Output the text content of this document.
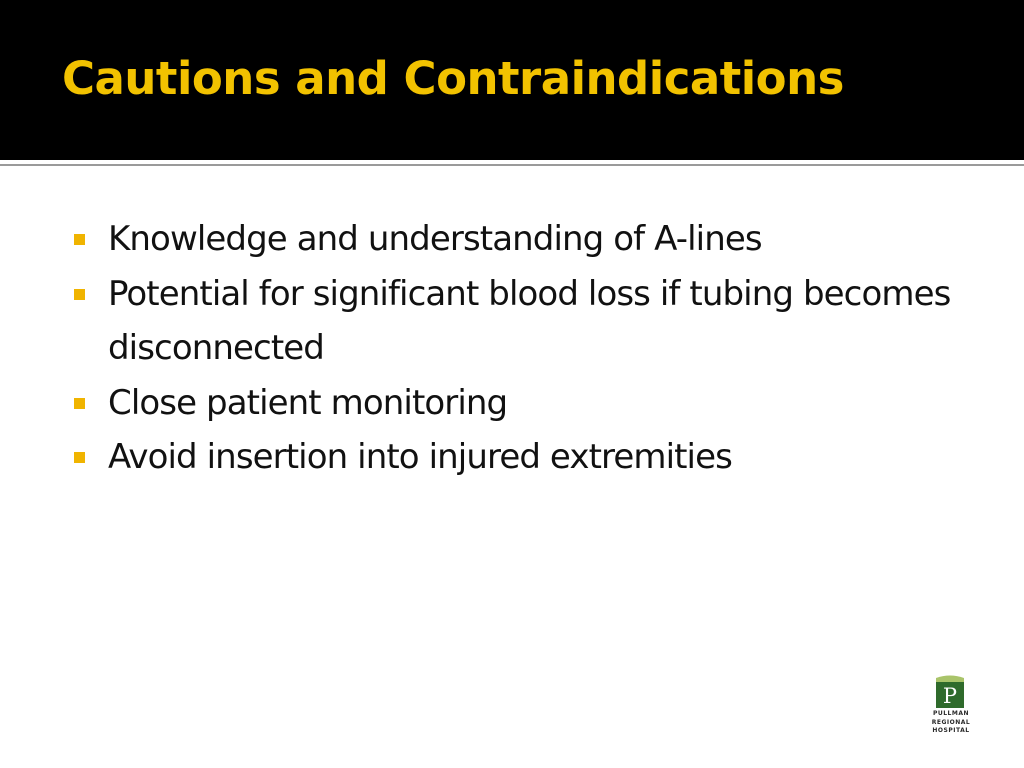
Cautions and Contraindications
Knowledge and understanding of A-lines
Potential for significant blood loss if tubing becomes disconnected
Close patient monitoring
Avoid insertion into injured extremities
P
PULLMAN
REGIONAL
HOSPITAL
